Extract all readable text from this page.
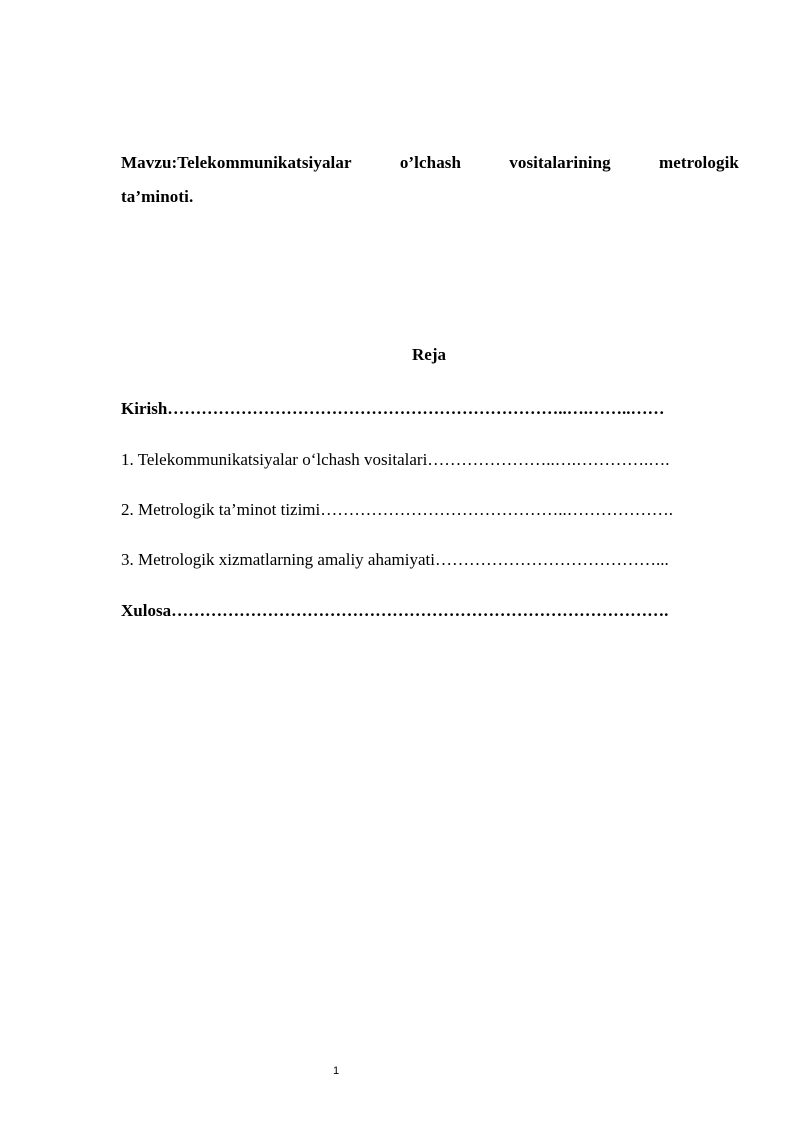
Mavzu:Telekommunikatsiyalar	o’lchash	vositalarining	metrologik
ta’minoti.
Reja
Kirish……………………………………………………………..….……..……
1. Telekommunikatsiyalar o‘lchash vositalari…………………..….………….….
2. Metrologik ta’minot tizimi……………………………………..……………….
3. Metrologik xizmatlarning amaliy ahamiyati…………………………………...
Xulosa…………………………………………………………………………….
1
